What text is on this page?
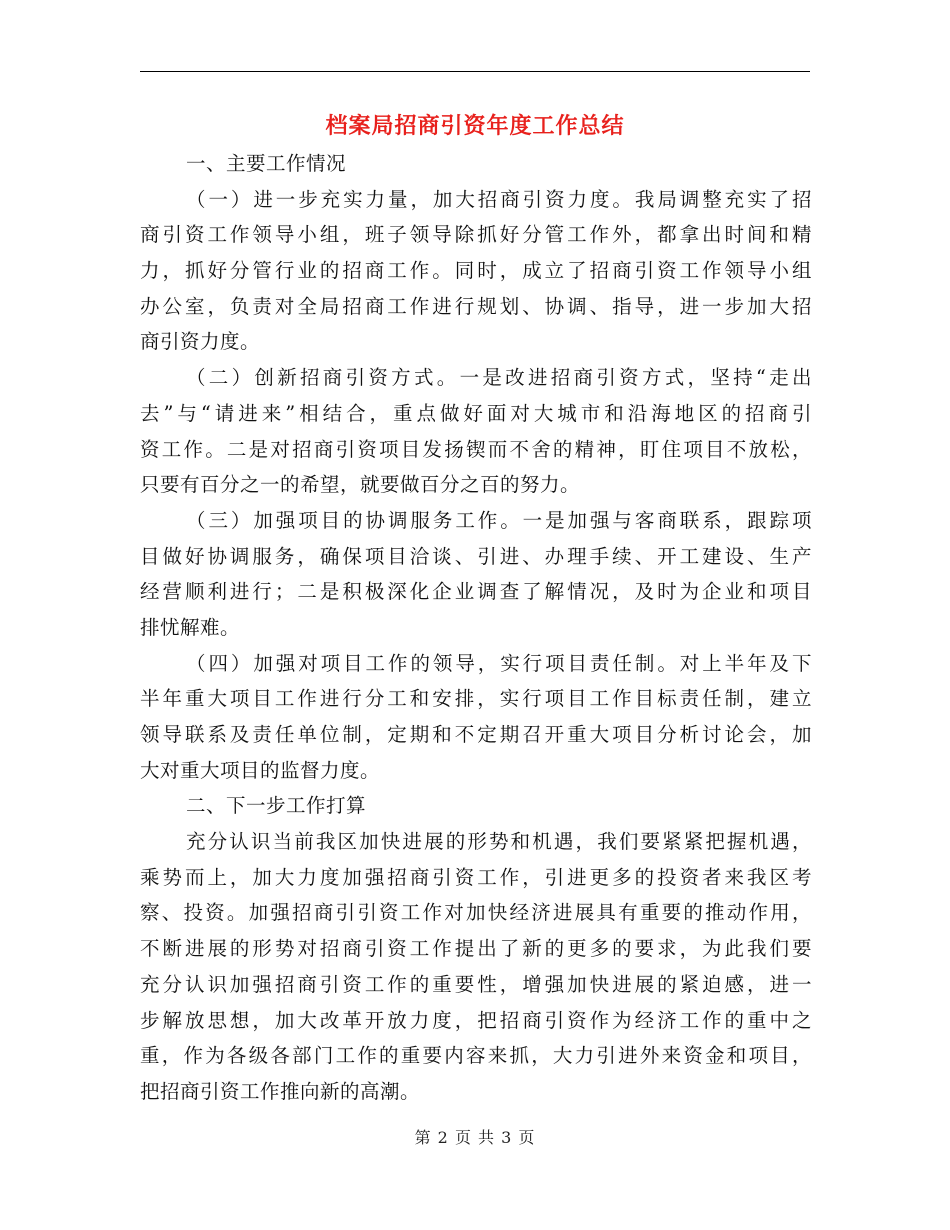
档案局招商引资年度工作总结
一、主要工作情况
（一）进一步充实力量，加大招商引资力度。我局调整充实了招
商引资工作领导小组，班子领导除抓好分管工作外，都拿出时间和精
力，抓好分管行业的招商工作。同时，成立了招商引资工作领导小组
办公室，负责对全局招商工作进行规划、协调、指导，进一步加大招
商引资力度。
（二）创新招商引资方式。一是改进招商引资方式，坚持“走出
去”与“请进来”相结合，重点做好面对大城市和沿海地区的招商引
资工作。二是对招商引资项目发扬锲而不舍的精神，盯住项目不放松，
只要有百分之一的希望，就要做百分之百的努力。
（三）加强项目的协调服务工作。一是加强与客商联系，跟踪项
目做好协调服务，确保项目洽谈、引进、办理手续、开工建设、生产
经营顺利进行；二是积极深化企业调查了解情况，及时为企业和项目
排忧解难。
（四）加强对项目工作的领导，实行项目责任制。对上半年及下
半年重大项目工作进行分工和安排，实行项目工作目标责任制，建立
领导联系及责任单位制，定期和不定期召开重大项目分析讨论会，加
大对重大项目的监督力度。
二、下一步工作打算
充分认识当前我区加快进展的形势和机遇，我们要紧紧把握机遇，
乘势而上，加大力度加强招商引资工作，引进更多的投资者来我区考
察、投资。加强招商引引资工作对加快经济进展具有重要的推动作用，
不断进展的形势对招商引资工作提出了新的更多的要求，为此我们要
充分认识加强招商引资工作的重要性，增强加快进展的紧迫感，进一
步解放思想，加大改革开放力度，把招商引资作为经济工作的重中之
重，作为各级各部门工作的重要内容来抓，大力引进外来资金和项目，
把招商引资工作推向新的高潮。
第 2 页 共 3 页
